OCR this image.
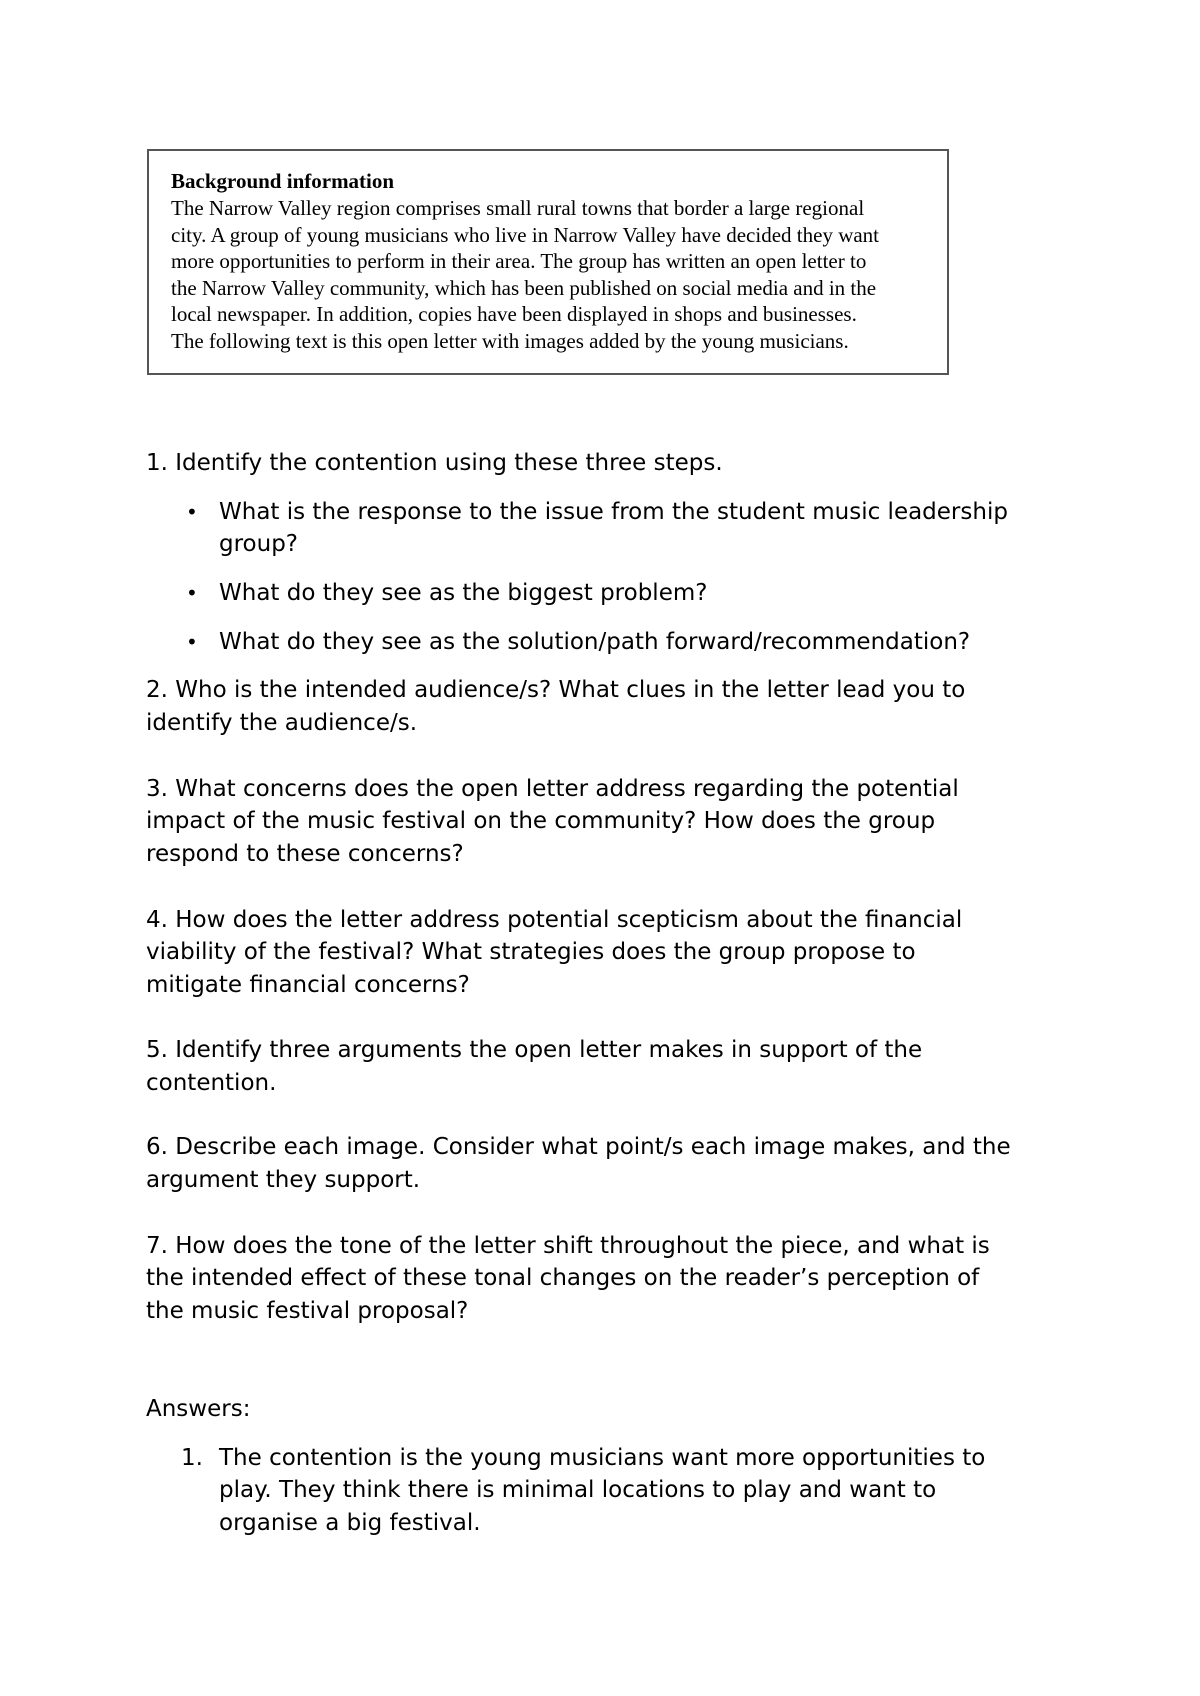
Background information

The Narrow Valley region comprises small rural towns that border a large regional

city. A group of young musicians who live in Narrow Valley have decided they want

more opportunities to perform in their area. The group has written an open letter to

the Narrow Valley community, which has been published on social media and in the

local newspaper. In addition, copies have been displayed in shops and businesses.

The following text is this open letter with images added by the young musicians.

1. Identify the contention using these three steps.

• What is the response to the issue from the student music leadership

group?

• What do they see as the biggest problem?

• What do they see as the solution/path forward/recommendation?

2. Who is the intended audience/s? What clues in the letter lead you to

identify the audience/s.

3. What concerns does the open letter address regarding the potential

impact of the music festival on the community? How does the group

respond to these concerns?

4. How does the letter address potential scepticism about the financial

viability of the festival? What strategies does the group propose to

mitigate financial concerns?

5. Identify three arguments the open letter makes in support of the

contention.

6. Describe each image. Consider what point/s each image makes, and the

argument they support.

7. How does the tone of the letter shift throughout the piece, and what is

the intended effect of these tonal changes on the reader’s perception of

the music festival proposal?

Answers:

1. The contention is the young musicians want more opportunities to

play. They think there is minimal locations to play and want to

organise a big festival.
